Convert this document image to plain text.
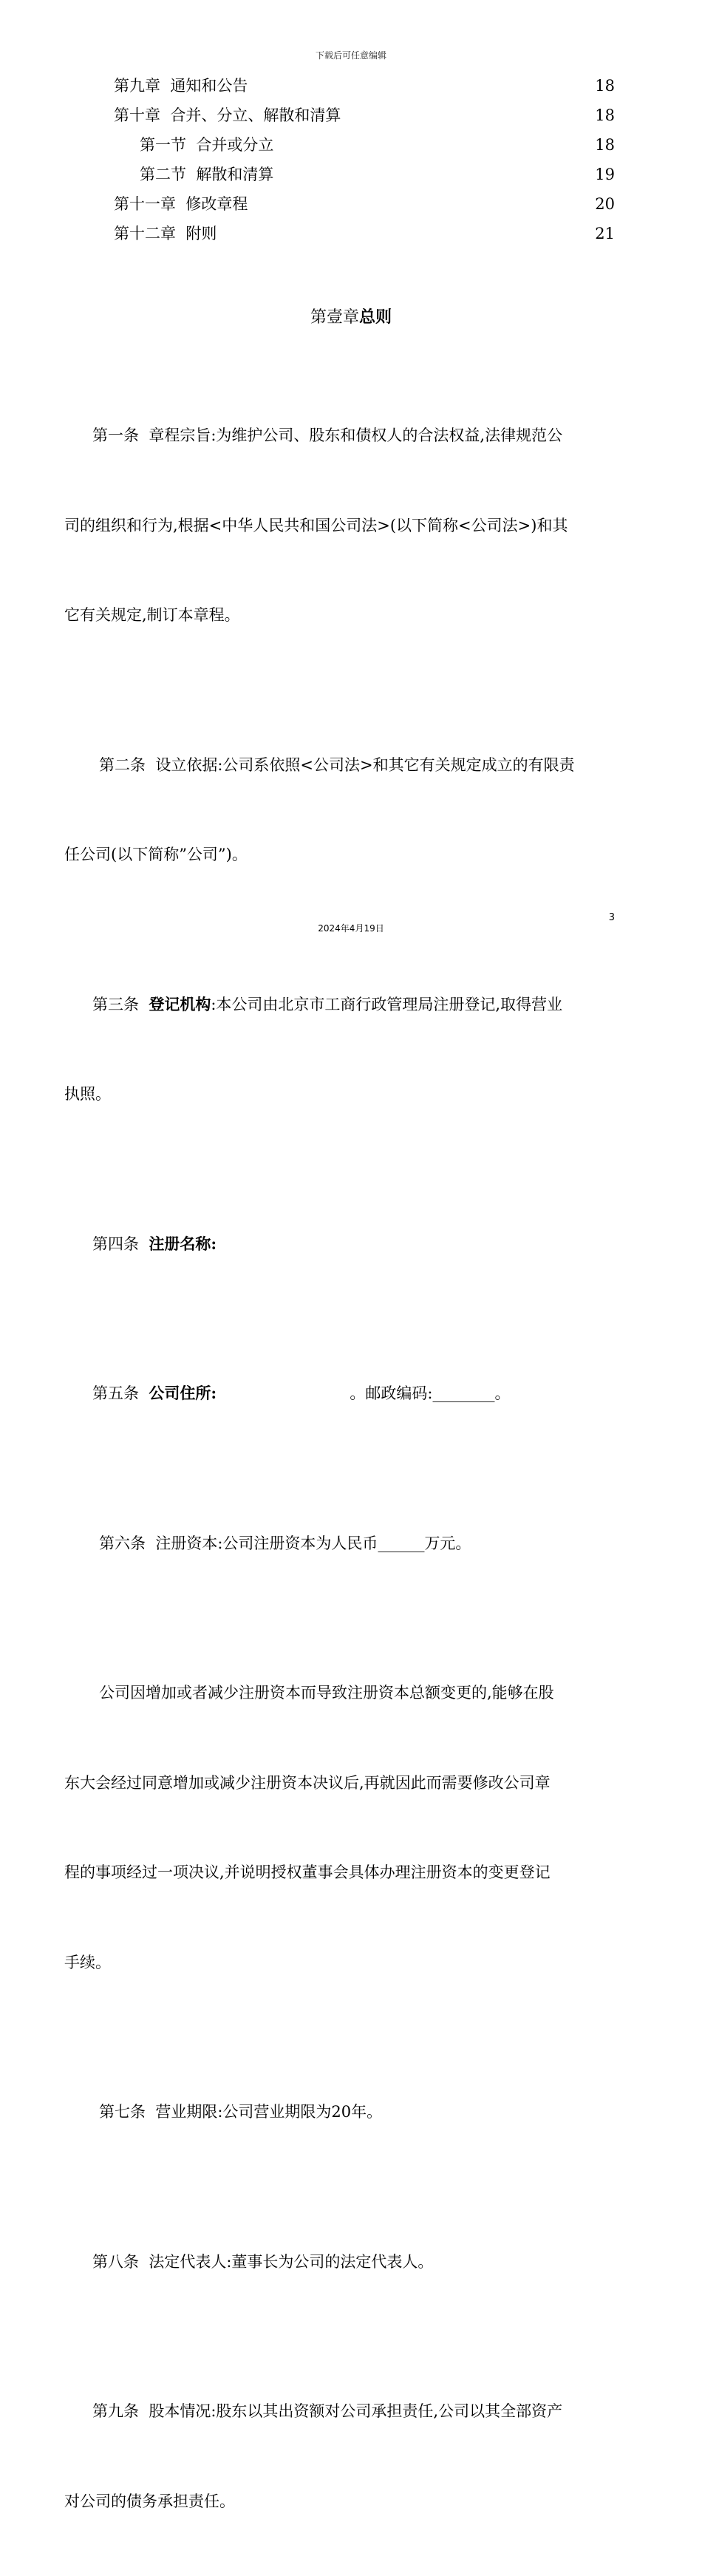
下载后可任意编辑
第九章  通知和公告	18
第十章  合并、分立、解散和清算	18
第一节  合并或分立	18
第二节  解散和清算	19
第十一章  修改章程	20
第十二章  附则	21
第壹章总则

第一条  章程宗旨:为维护公司、股东和债权人的合法权益,法律规范公

司的组织和行为,根据<中华人民共和国公司法>(以下简称<公司法>)和其

它有关规定,制订本章程。

第二条  设立依据:公司系依照<公司法>和其它有关规定成立的有限责

任公司(以下简称”公司”)。

第三条  登记机构:本公司由北京市工商行政管理局注册登记,取得营业

执照。

第四条  注册名称:

第五条  公司住所:	。邮政编码:________。

第六条  注册资本:公司注册资本为人民币______万元。

公司因增加或者减少注册资本而导致注册资本总额变更的,能够在股

东大会经过同意增加或减少注册资本决议后,再就因此而需要修改公司章

程的事项经过一项决议,并说明授权董事会具体办理注册资本的变更登记

手续。

第七条  营业期限:公司营业期限为20年。

第八条  法定代表人:董事长为公司的法定代表人。

第九条  股本情况:股东以其出资额对公司承担责任,公司以其全部资产

对公司的债务承担责任。

3
2024年4月19日
